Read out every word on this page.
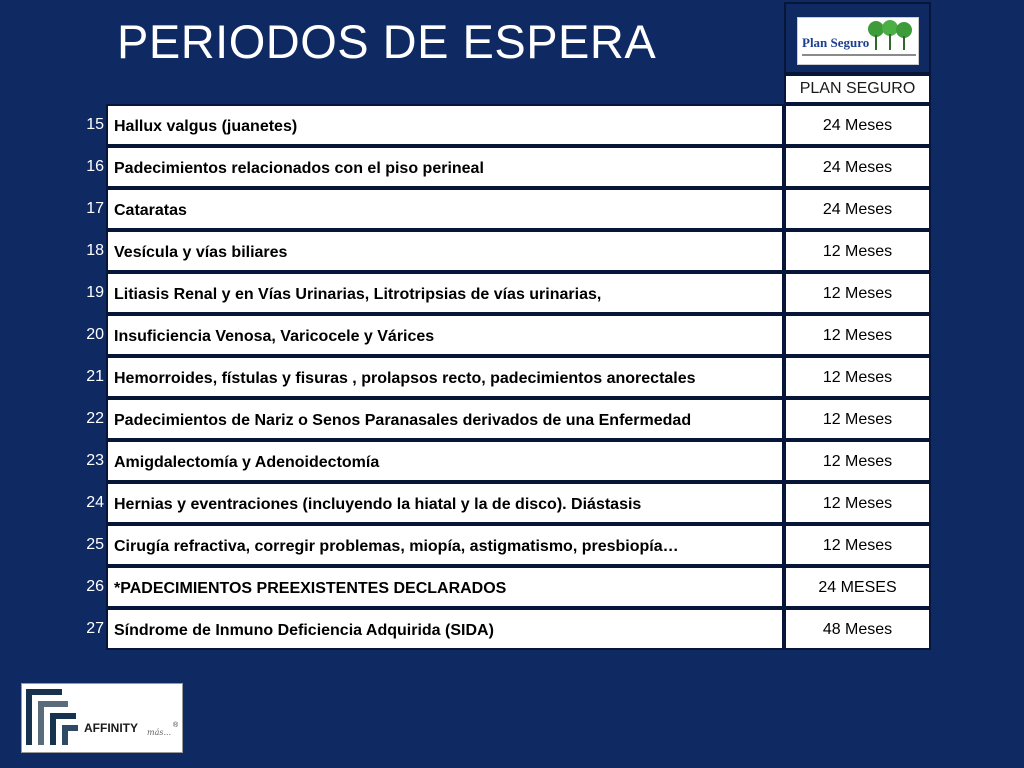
PERIODOS DE ESPERA	Plan Seguro
PLAN SEGURO
15 Hallux valgus (juanetes)	24 Meses
16 Padecimientos relacionados con el piso perineal	24 Meses
17 Cataratas	24 Meses
18 Vesícula y vías biliares	12 Meses
19 Litiasis Renal y en Vías Urinarias, Litrotripsias de vías urinarias,	12 Meses
20 Insuficiencia Venosa, Varicocele y Várices	12 Meses
21 Hemorroides, fístulas y fisuras , prolapsos recto, padecimientos anorectales	12 Meses
22 Padecimientos de Nariz o Senos Paranasales derivados de una Enfermedad	12 Meses
23 Amigdalectomía y Adenoidectomía	12 Meses
24 Hernias y eventraciones (incluyendo la hiatal y la de disco). Diástasis	12 Meses
25 Cirugía refractiva, corregir problemas, miopía, astigmatismo, presbiopía…	12 Meses
26 *PADECIMIENTOS PREEXISTENTES DECLARADOS	24 MESES
27 Síndrome de Inmuno Deficiencia Adquirida (SIDA)	48 Meses
AFFINITY más...
®
